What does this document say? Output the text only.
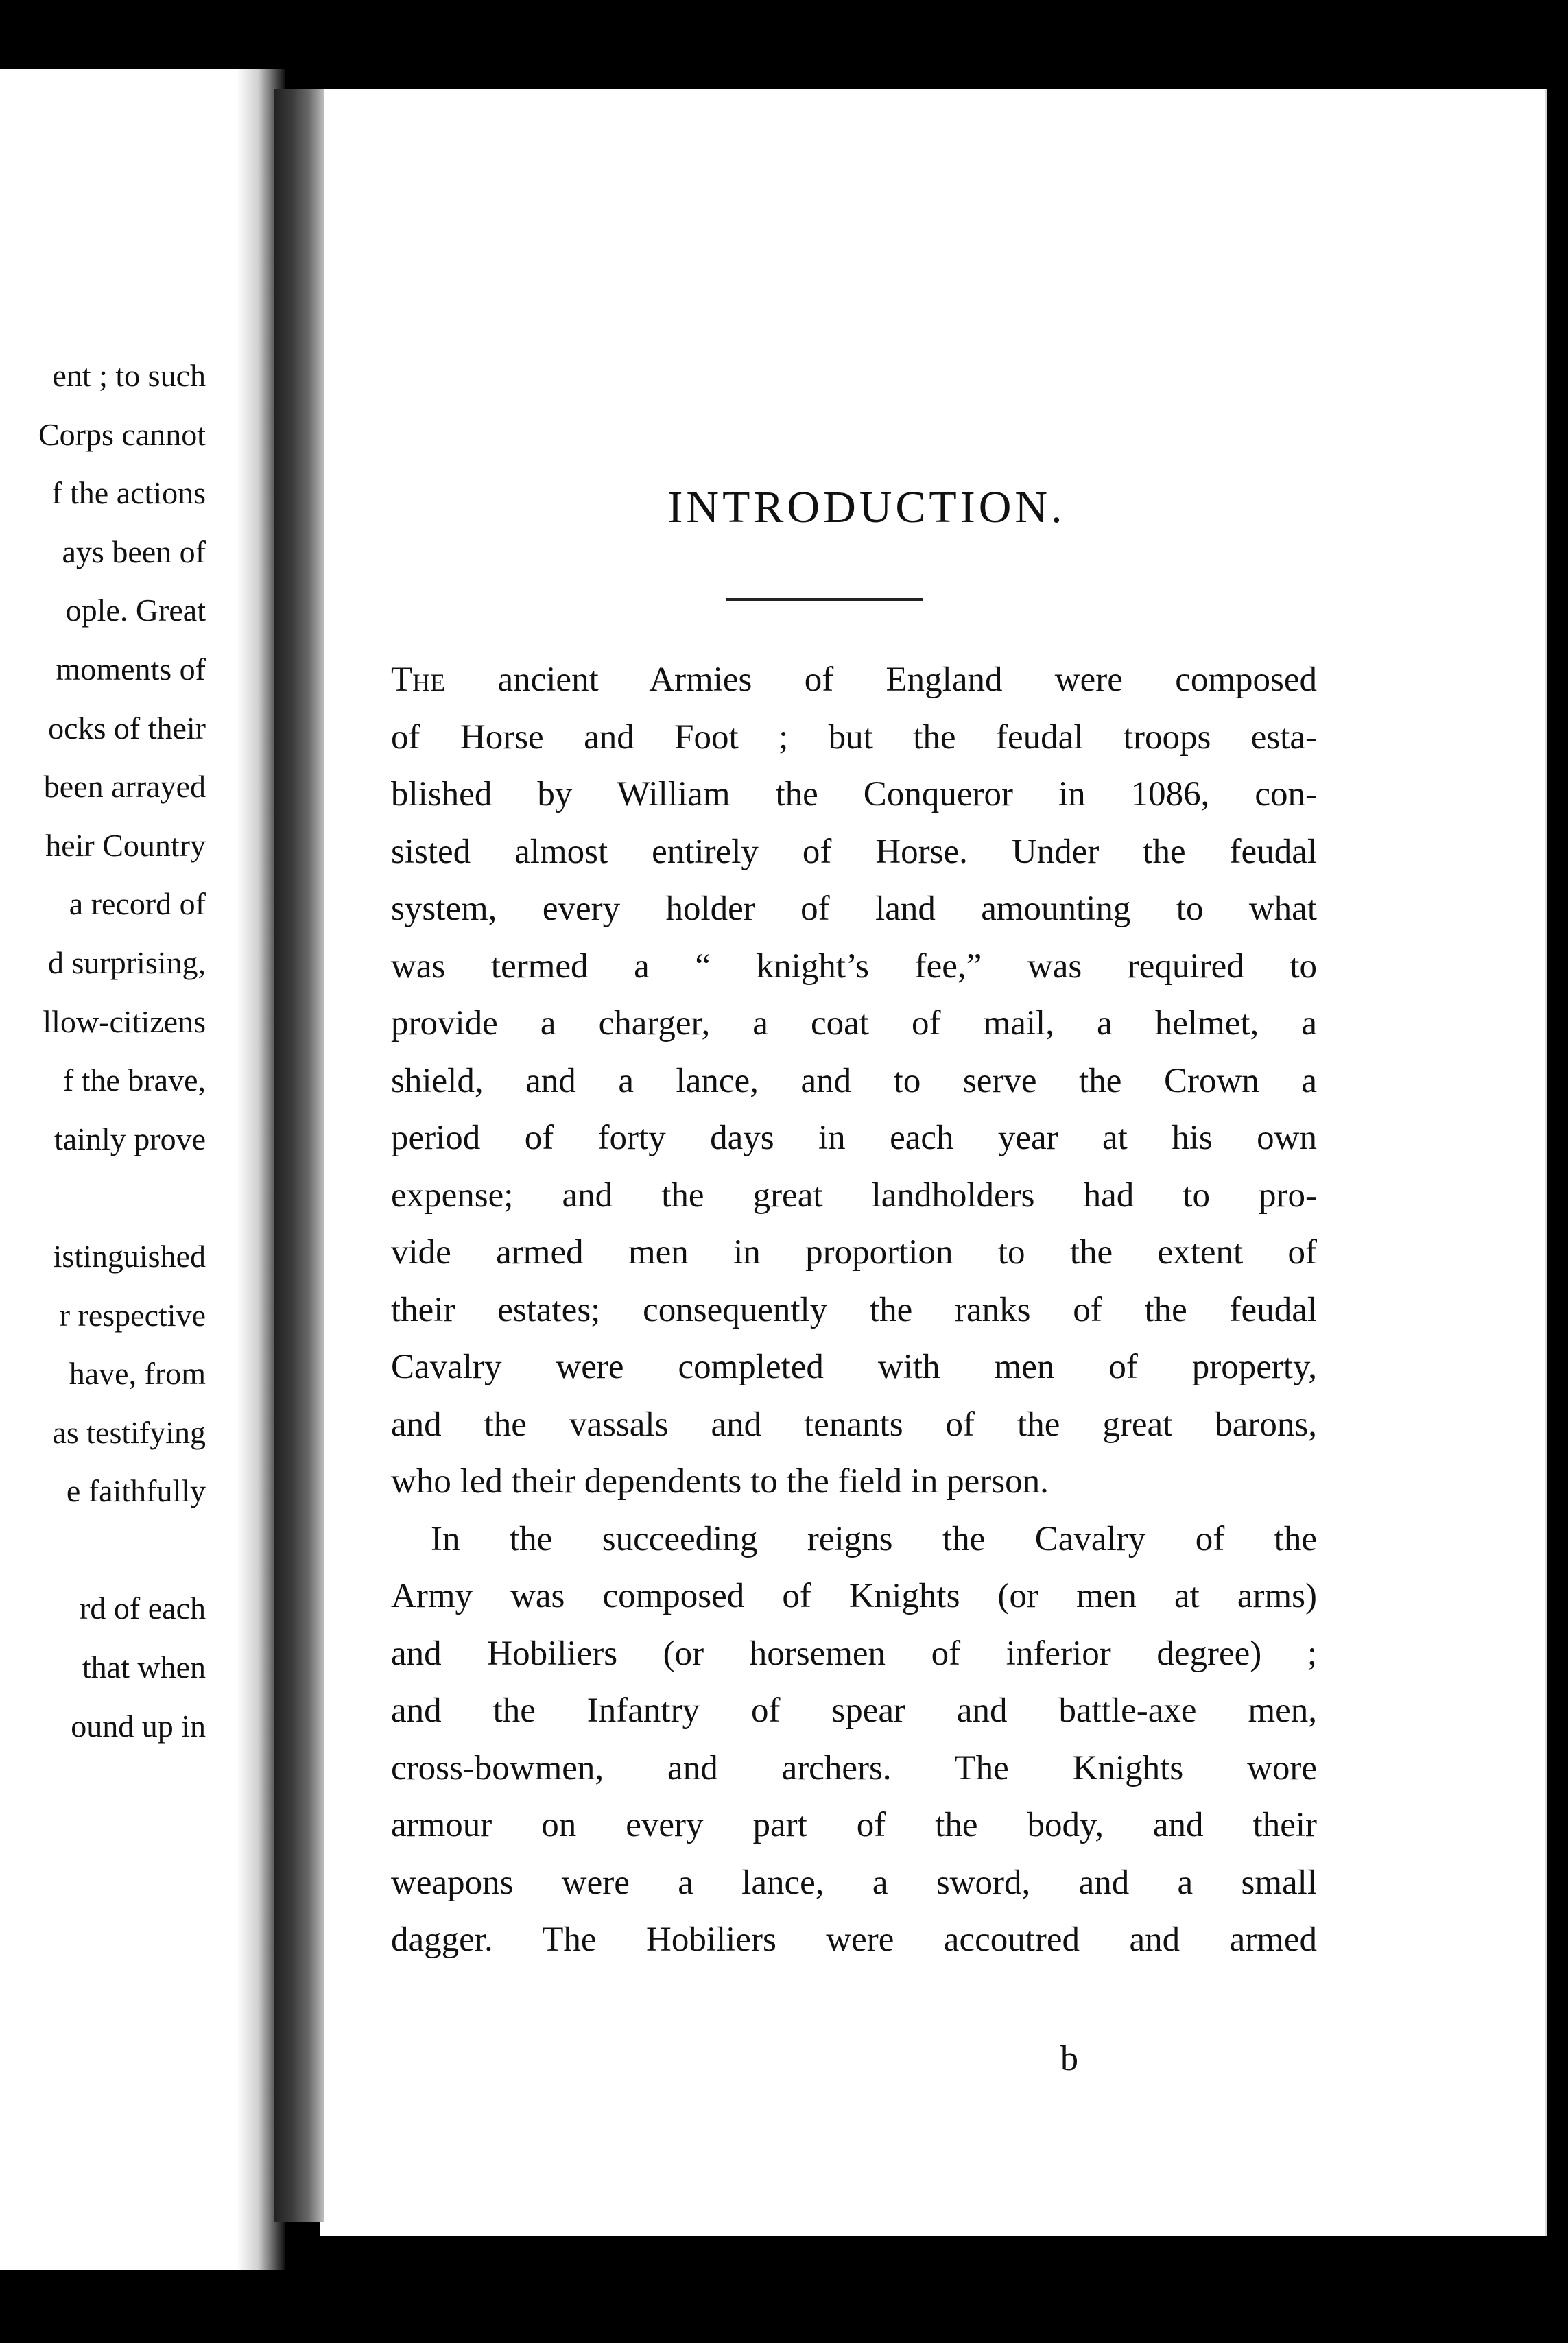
ent ; to such
Corps cannot
f the actions
ays been of
ople. Great
moments of
ocks of their
been arrayed
heir Country
a record of
d surprising,
llow-citizens
f the brave,
tainly prove
istinguished
r respective
have, from
as testifying
e faithfully
rd of each
that when
ound up in
INTRODUCTION.
The ancient Armies of England were composed
of Horse and Foot ; but the feudal troops esta-
blished by William the Conqueror in 1086, con-
sisted almost entirely of Horse. Under the feudal
system, every holder of land amounting to what
was termed a “ knight’s fee,” was required to
provide a charger, a coat of mail, a helmet, a
shield, and a lance, and to serve the Crown a
period of forty days in each year at his own
expense; and the great landholders had to pro-
vide armed men in proportion to the extent of
their estates; consequently the ranks of the feudal
Cavalry were completed with men of property,
and the vassals and tenants of the great barons,
who led their dependents to the field in person.
In the succeeding reigns the Cavalry of the
Army was composed of Knights (or men at arms)
and Hobiliers (or horsemen of inferior degree) ;
and the Infantry of spear and battle-axe men,
cross-bowmen, and archers. The Knights wore
armour on every part of the body, and their
weapons were a lance, a sword, and a small
dagger. The Hobiliers were accoutred and armed
b
